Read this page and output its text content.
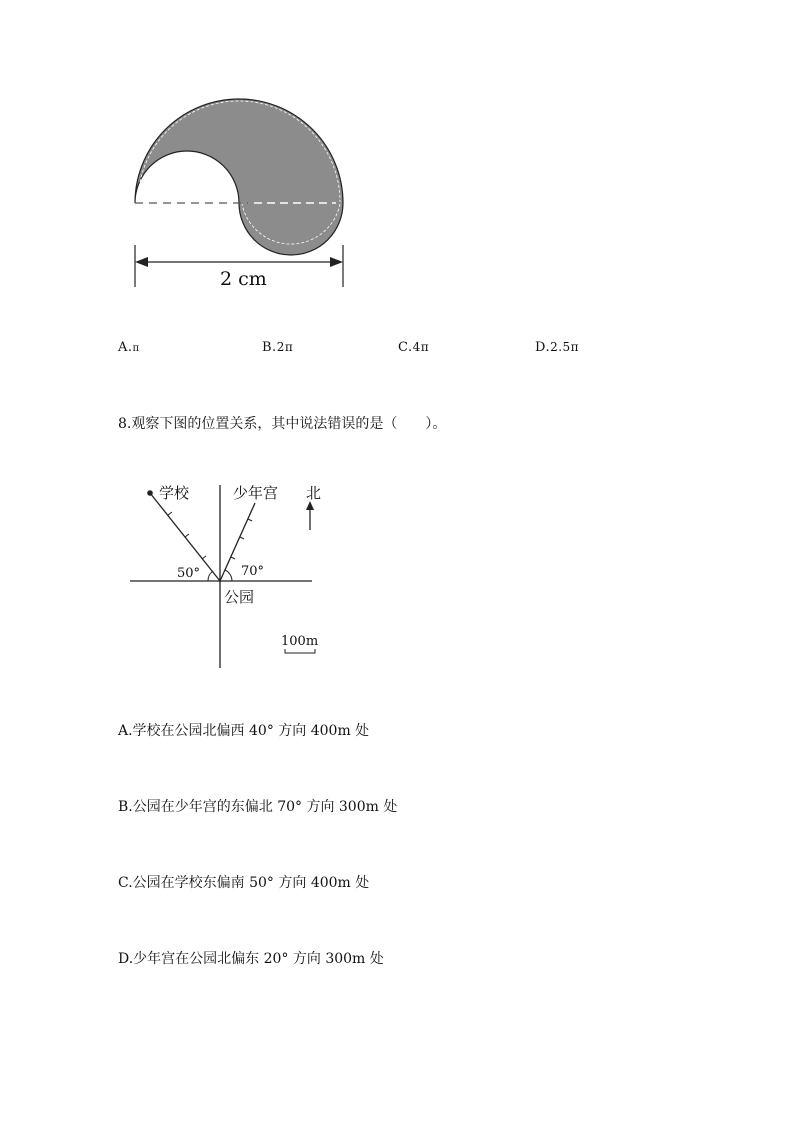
2 cm
A.π	B.2π	C.4π	D.2.5π
8.观察下图的位置关系，其中说法错误的是（　　）。
学校	少年宫 北
50°	70°
公园
100m
A.学校在公园北偏西 40° 方向 400m 处
B.公园在少年宫的东偏北 70° 方向 300m 处
C.公园在学校东偏南 50° 方向 400m 处
D.少年宫在公园北偏东 20° 方向 300m 处
